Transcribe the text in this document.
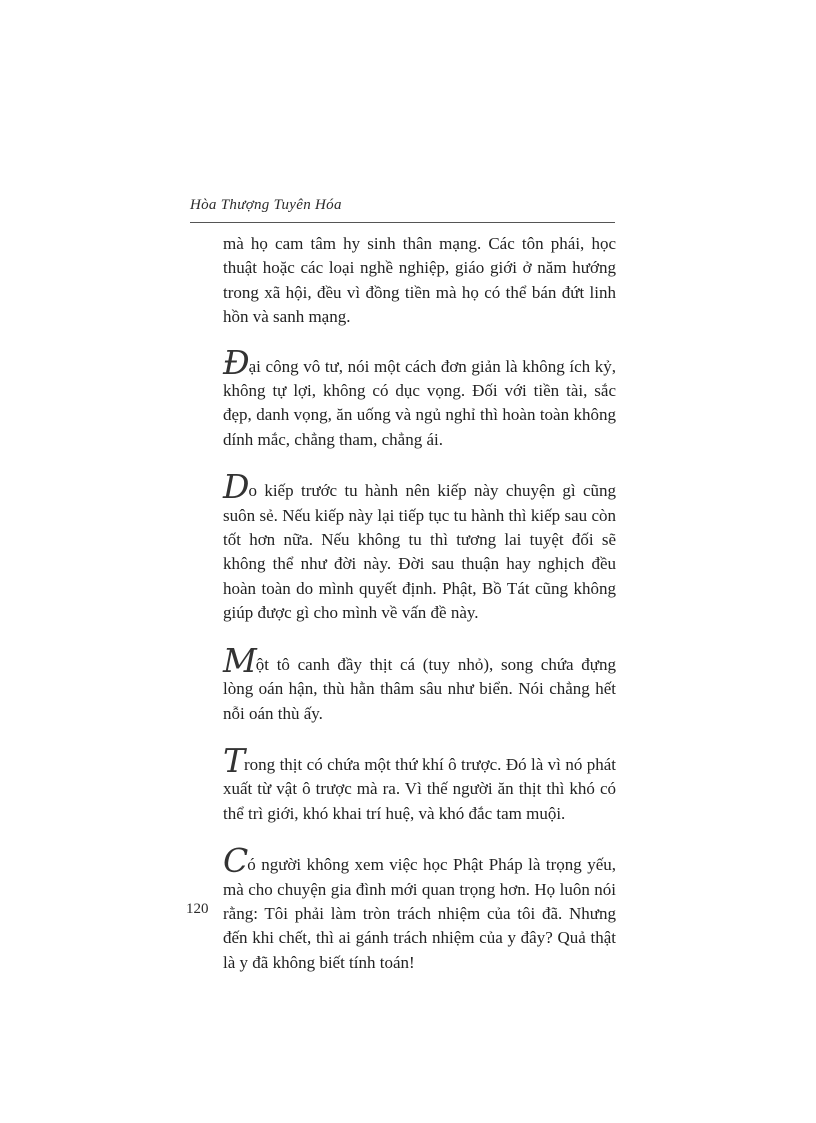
Hòa Thượng Tuyên Hóa

mà họ cam tâm hy sinh thân mạng. Các tôn phái, học thuật hoặc các loại nghề nghiệp, giáo giới ở năm hướng trong xã hội, đều vì đồng tiền mà họ có thể bán đứt linh hồn và sanh mạng.

Đại công vô tư, nói một cách đơn giản là không ích kỷ, không tự lợi, không có dục vọng. Đối với tiền tài, sắc đẹp, danh vọng, ăn uống và ngủ nghỉ thì hoàn toàn không dính mắc, chẳng tham, chẳng ái.

Do kiếp trước tu hành nên kiếp này chuyện gì cũng suôn sẻ. Nếu kiếp này lại tiếp tục tu hành thì kiếp sau còn tốt hơn nữa. Nếu không tu thì tương lai tuyệt đối sẽ không thể như đời này. Đời sau thuận hay nghịch đều hoàn toàn do mình quyết định. Phật, Bồ Tát cũng không giúp được gì cho mình về vấn đề này.

Một tô canh đầy thịt cá (tuy nhỏ), song chứa đựng lòng oán hận, thù hằn thâm sâu như biển. Nói chẳng hết nỗi oán thù ấy.

Trong thịt có chứa một thứ khí ô trược. Đó là vì nó phát xuất từ vật ô trược mà ra. Vì thế người ăn thịt thì khó có thể trì giới, khó khai trí huệ, và khó đắc tam muội.

Có người không xem việc học Phật Pháp là trọng yếu, mà cho chuyện gia đình mới quan trọng hơn. Họ luôn nói rằng: Tôi phải làm tròn trách nhiệm của tôi đã. Nhưng đến khi chết, thì ai gánh trách nhiệm của y đây? Quả thật là y đã không biết tính toán!

120
